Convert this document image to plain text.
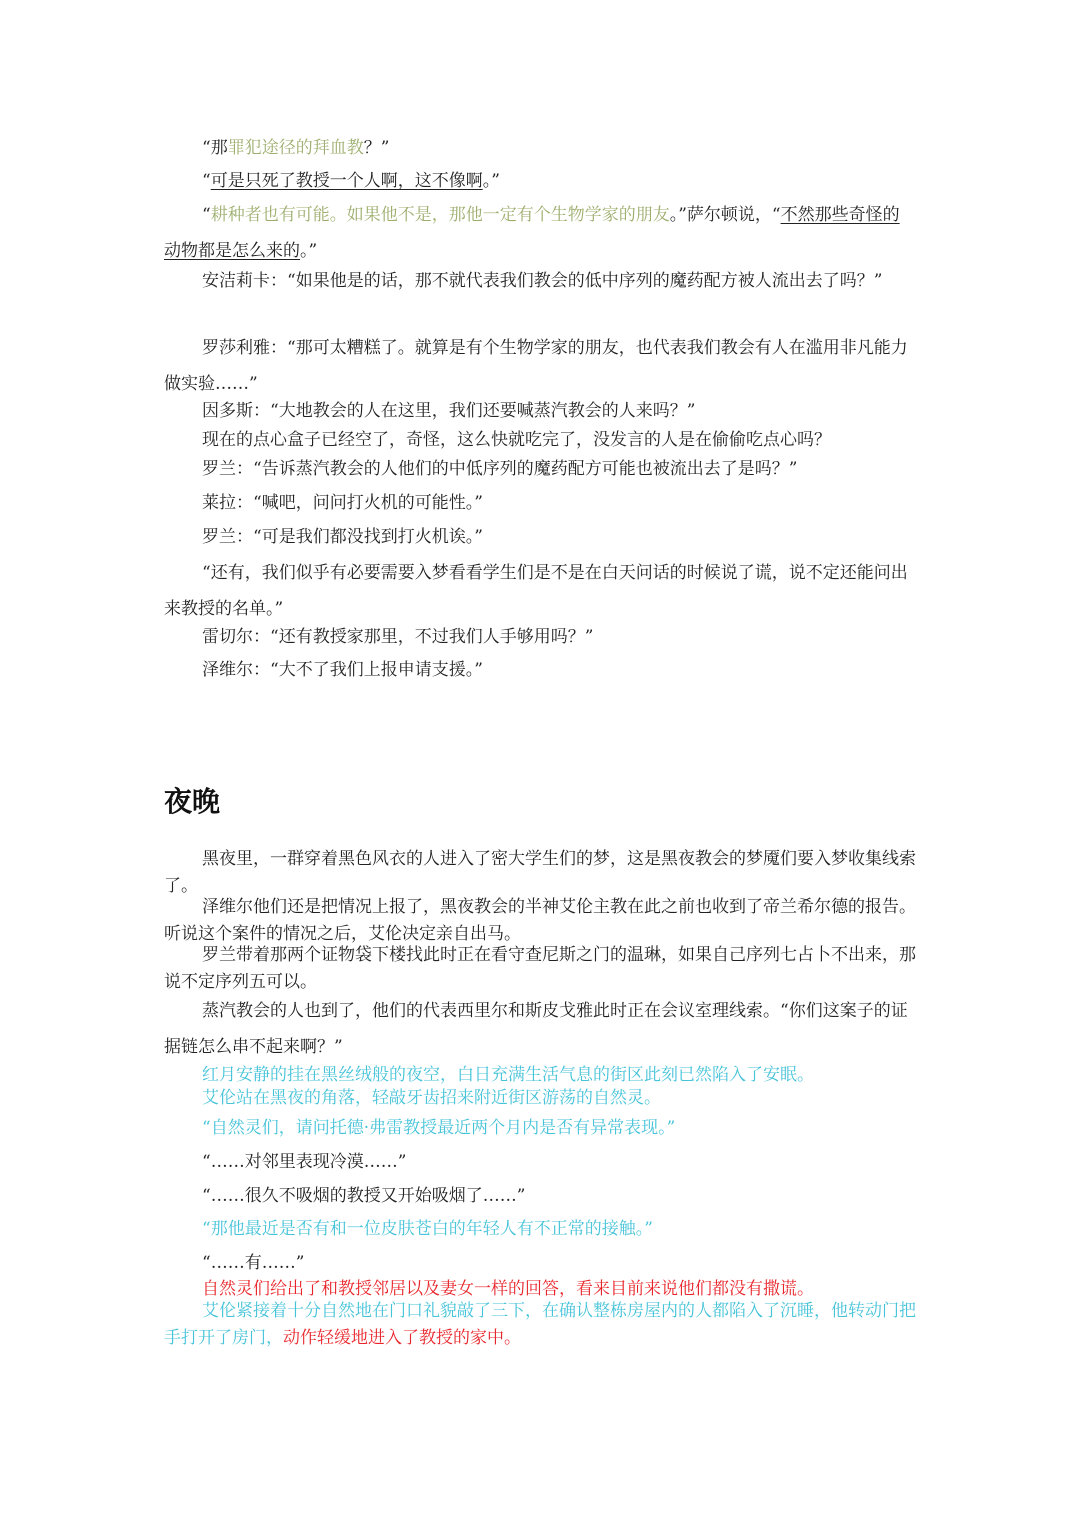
“那罪犯途径的拜血教？”
“可是只死了教授一个人啊，这不像啊。”
“耕种者也有可能。如果他不是，那他一定有个生物学家的朋友。”萨尔顿说，“不然那些奇怪的动物都是怎么来的。”
安洁莉卡：“如果他是的话，那不就代表我们教会的低中序列的魔药配方被人流出去了吗？”
罗莎利雅：“那可太糟糕了。就算是有个生物学家的朋友，也代表我们教会有人在滥用非凡能力做实验……”
因多斯：“大地教会的人在这里，我们还要喊蒸汽教会的人来吗？”
现在的点心盒子已经空了，奇怪，这么快就吃完了，没发言的人是在偷偷吃点心吗？
罗兰：“告诉蒸汽教会的人他们的中低序列的魔药配方可能也被流出去了是吗？”
莱拉：“喊吧，问问打火机的可能性。”
罗兰：“可是我们都没找到打火机诶。”
“还有，我们似乎有必要需要入梦看看学生们是不是在白天问话的时候说了谎，说不定还能问出来教授的名单。”
雷切尔：“还有教授家那里，不过我们人手够用吗？”
泽维尔：“大不了我们上报申请支援。”
夜晚
黑夜里，一群穿着黑色风衣的人进入了密大学生们的梦，这是黑夜教会的梦魇们要入梦收集线索了。
泽维尔他们还是把情况上报了，黑夜教会的半神艾伦主教在此之前也收到了帝兰希尔德的报告。听说这个案件的情况之后，艾伦决定亲自出马。
罗兰带着那两个证物袋下楼找此时正在看守查尼斯之门的温琳，如果自己序列七占卜不出来，那说不定序列五可以。
蒸汽教会的人也到了，他们的代表西里尔和斯皮戈雅此时正在会议室理线索。“你们这案子的证据链怎么串不起来啊？”
红月安静的挂在黑丝绒般的夜空，白日充满生活气息的街区此刻已然陷入了安眠。
艾伦站在黑夜的角落，轻敲牙齿招来附近街区游荡的自然灵。
“自然灵们，请问托德·弗雷教授最近两个月内是否有异常表现。”
“……对邻里表现冷漠……”
“……很久不吸烟的教授又开始吸烟了……”
“那他最近是否有和一位皮肤苍白的年轻人有不正常的接触。”
“……有……”
自然灵们给出了和教授邻居以及妻女一样的回答，看来目前来说他们都没有撒谎。
艾伦紧接着十分自然地在门口礼貌敲了三下，在确认整栋房屋内的人都陷入了沉睡，他转动门把手打开了房门，动作轻缓地进入了教授的家中。
